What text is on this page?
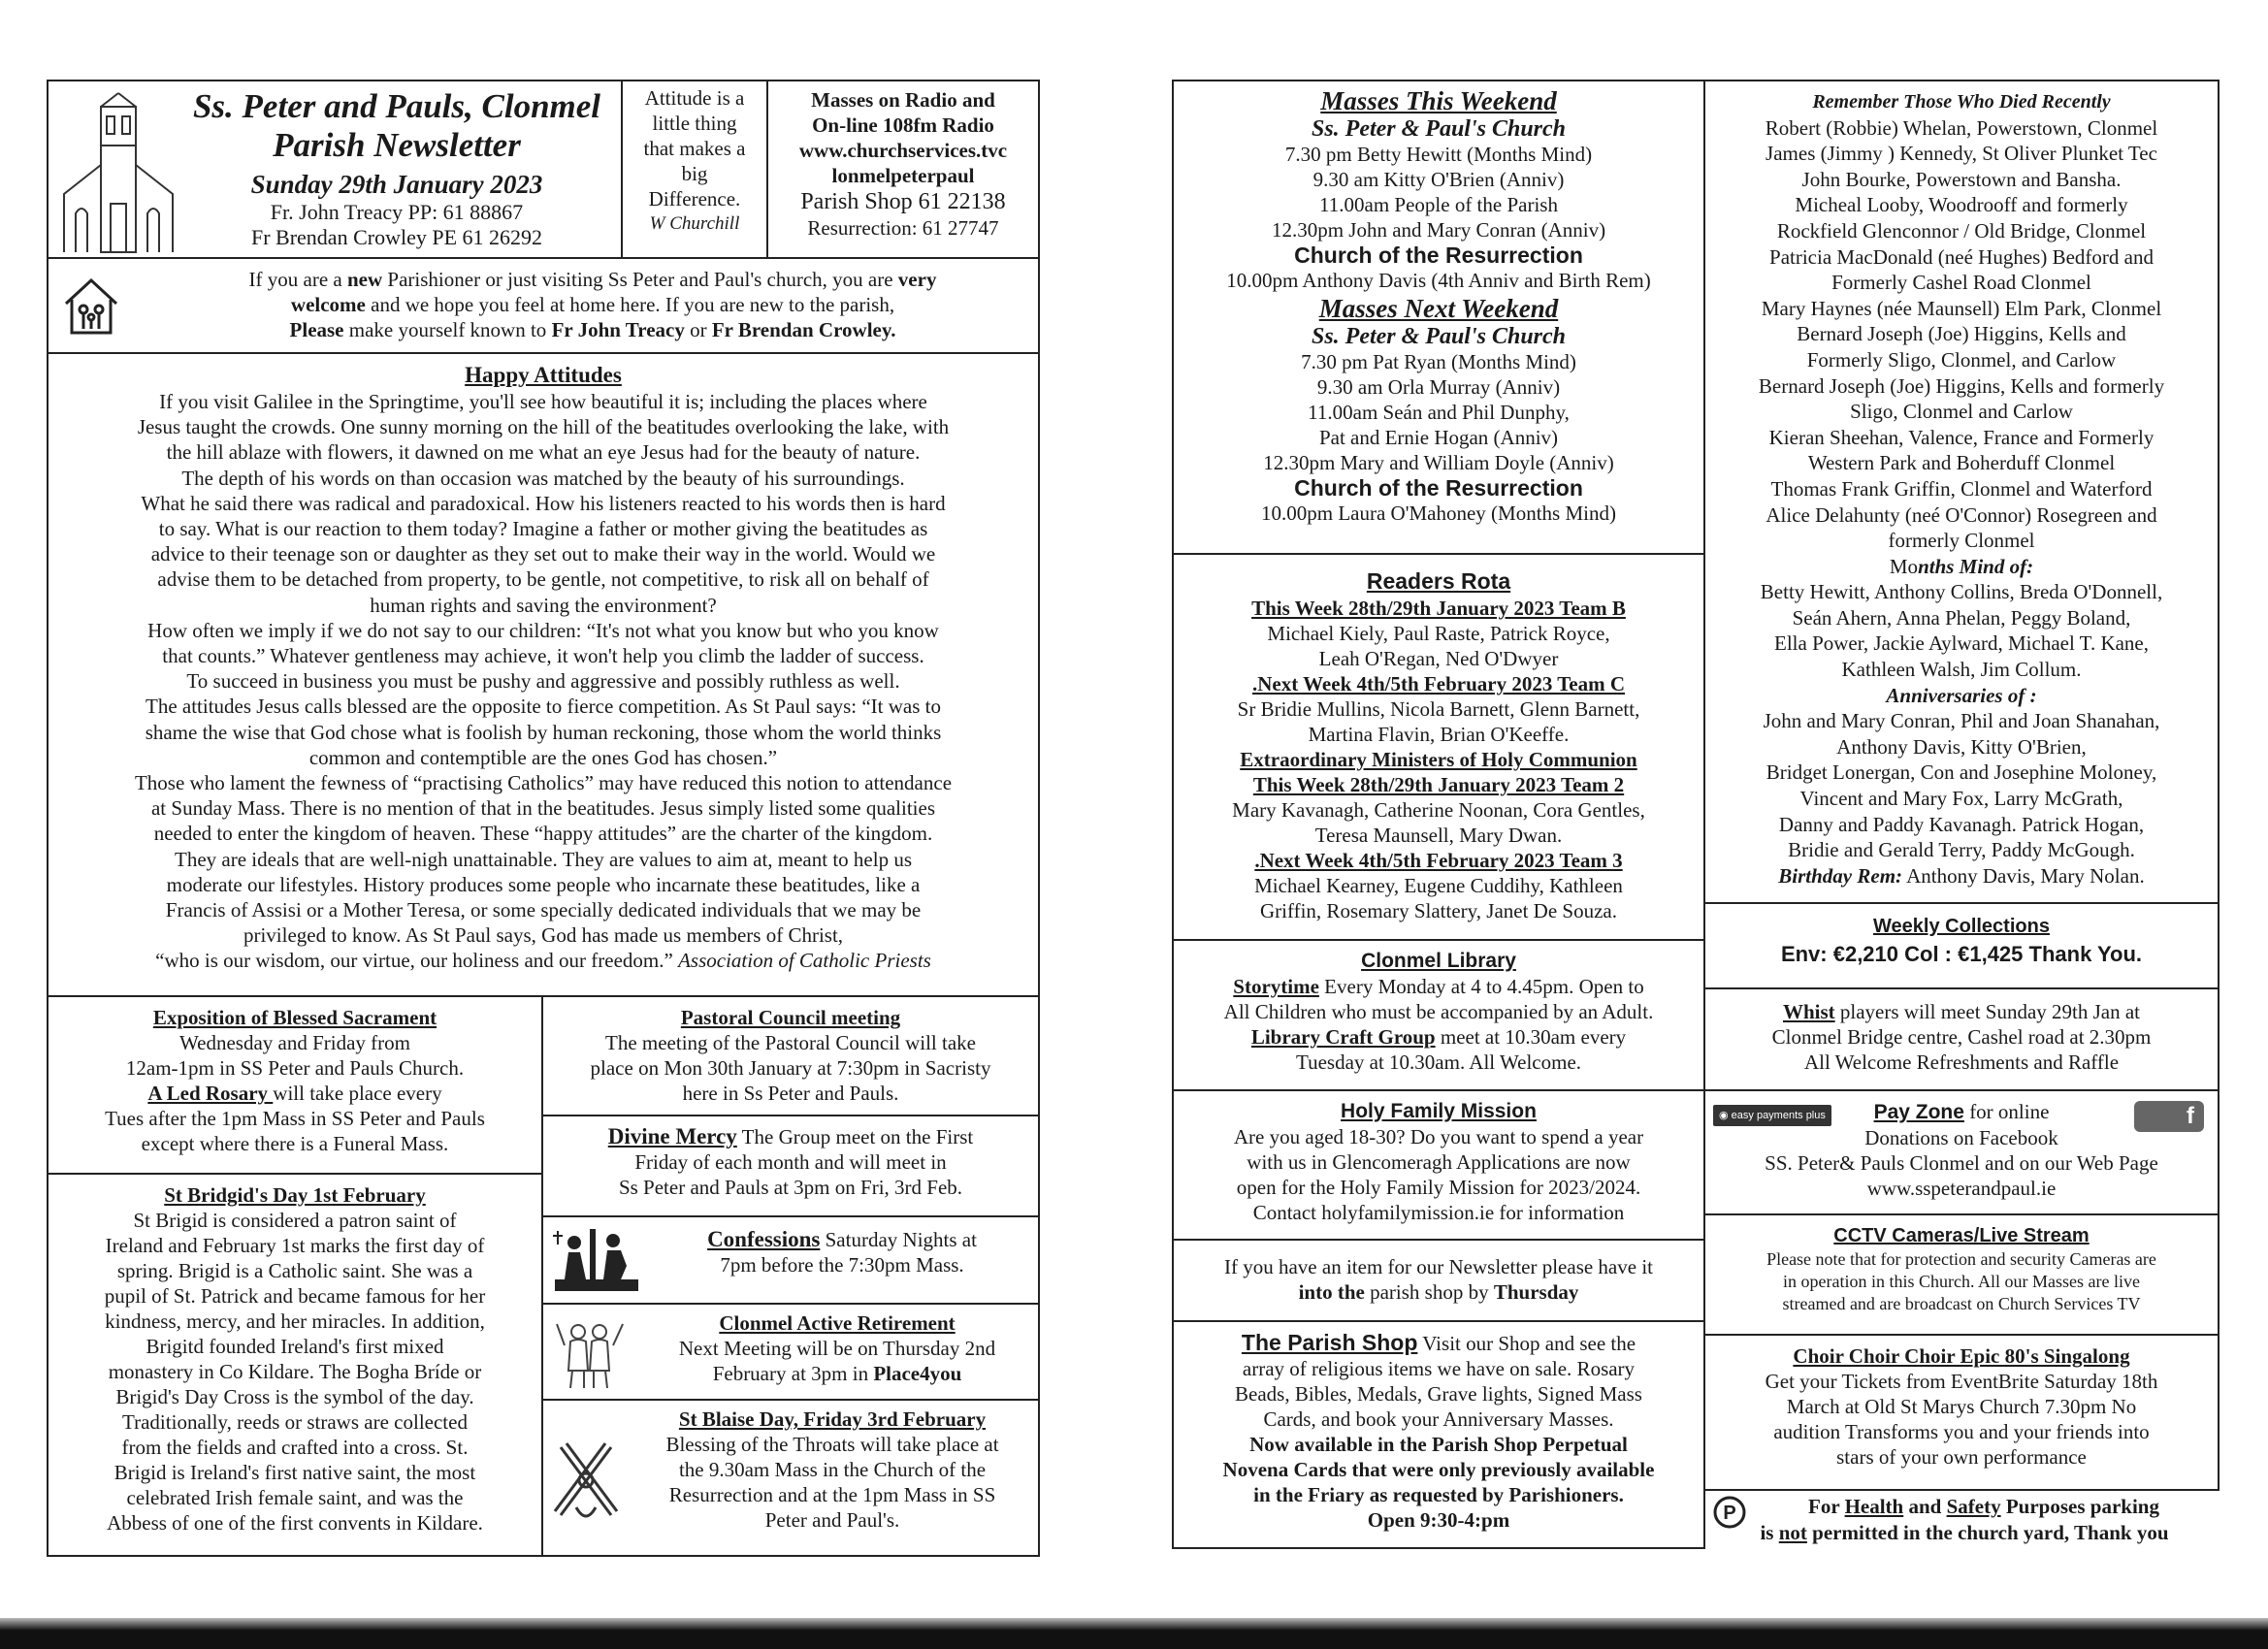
Ss. Peter and Pauls, Clonmel
Parish Newsletter
Sunday 29th January 2023
Fr. John Treacy PP: 61 88867
Fr Brendan Crowley PE 61 26292
Attitude is a
little thing
that makes a
big
Difference.
W Churchill
Masses on Radio and
On-line 108fm Radio
www.churchservices.tvc
lonmelpeterpaul
Parish Shop 61 22138
Resurrection: 61 27747
If you are a new Parishioner or just visiting Ss Peter and Paul's church, you are very
welcome and we hope you feel at home here. If you are new to the parish,
Please make yourself known to Fr John Treacy or Fr Brendan Crowley.
Happy Attitudes
If you visit Galilee in the Springtime, you'll see how beautiful it is; including the places where
Jesus taught the crowds. One sunny morning on the hill of the beatitudes overlooking the lake, with
the hill ablaze with flowers, it dawned on me what an eye Jesus had for the beauty of nature.
The depth of his words on than occasion was matched by the beauty of his surroundings.
What he said there was radical and paradoxical. How his listeners reacted to his words then is hard
to say. What is our reaction to them today? Imagine a father or mother giving the beatitudes as
advice to their teenage son or daughter as they set out to make their way in the world. Would we
advise them to be detached from property, to be gentle, not competitive, to risk all on behalf of
human rights and saving the environment?
How often we imply if we do not say to our children: “It's not what you know but who you know
that counts.” Whatever gentleness may achieve, it won't help you climb the ladder of success.
To succeed in business you must be pushy and aggressive and possibly ruthless as well.
The attitudes Jesus calls blessed are the opposite to fierce competition. As St Paul says: “It was to
shame the wise that God chose what is foolish by human reckoning, those whom the world thinks
common and contemptible are the ones God has chosen.”
Those who lament the fewness of “practising Catholics” may have reduced this notion to attendance
at Sunday Mass. There is no mention of that in the beatitudes. Jesus simply listed some qualities
needed to enter the kingdom of heaven. These “happy attitudes” are the charter of the kingdom.
They are ideals that are well-nigh unattainable. They are values to aim at, meant to help us
moderate our lifestyles. History produces some people who incarnate these beatitudes, like a
Francis of Assisi or a Mother Teresa, or some specially dedicated individuals that we may be
privileged to know. As St Paul says, God has made us members of Christ,
“who is our wisdom, our virtue, our holiness and our freedom.” Association of Catholic Priests
Exposition of Blessed Sacrament
Wednesday and Friday from
12am-1pm in SS Peter and Pauls Church.
A Led Rosary will take place every
Tues after the 1pm Mass in SS Peter and Pauls
except where there is a Funeral Mass.
Pastoral Council meeting
The meeting of the Pastoral Council will take
place on Mon 30th January at 7:30pm in Sacristy
here in Ss Peter and Pauls.
Divine Mercy The Group meet on the First
Friday of each month and will meet in
Ss Peter and Pauls at 3pm on Fri, 3rd Feb.
St Bridgid's Day 1st February
St Brigid is considered a patron saint of
Ireland and February 1st marks the first day of
spring. Brigid is a Catholic saint. She was a
pupil of St. Patrick and became famous for her
kindness, mercy, and her miracles. In addition,
Brigitd founded Ireland's first mixed
monastery in Co Kildare. The Bogha Bríde or
Brigid's Day Cross is the symbol of the day.
Traditionally, reeds or straws are collected
from the fields and crafted into a cross. St.
Brigid is Ireland's first native saint, the most
celebrated Irish female saint, and was the
Abbess of one of the first convents in Kildare.
Confessions Saturday Nights at
7pm before the 7:30pm Mass.
Clonmel Active Retirement
Next Meeting will be on Thursday 2nd
February at 3pm in Place4you
St Blaise Day, Friday 3rd February
Blessing of the Throats will take place at
the 9.30am Mass in the Church of the
Resurrection and at the 1pm Mass in SS
Peter and Paul's.
Masses This Weekend
Ss. Peter & Paul's Church
7.30 pm Betty Hewitt (Months Mind)
9.30 am Kitty O'Brien (Anniv)
11.00am People of the Parish
12.30pm John and Mary Conran (Anniv)
Church of the Resurrection
10.00pm Anthony Davis (4th Anniv and Birth Rem)
Masses Next Weekend
Ss. Peter & Paul's Church
7.30 pm Pat Ryan (Months Mind)
9.30 am Orla Murray (Anniv)
11.00am Seán and Phil Dunphy,
Pat and Ernie Hogan (Anniv)
12.30pm Mary and William Doyle (Anniv)
Church of the Resurrection
10.00pm Laura O'Mahoney (Months Mind)
Readers Rota
This Week 28th/29th January 2023 Team B
Michael Kiely, Paul Raste, Patrick Royce,
Leah O'Regan, Ned O'Dwyer
.Next Week 4th/5th February 2023 Team C
Sr Bridie Mullins, Nicola Barnett, Glenn Barnett,
Martina Flavin, Brian O'Keeffe.
Extraordinary Ministers of Holy Communion
This Week 28th/29th January 2023 Team 2
Mary Kavanagh, Catherine Noonan, Cora Gentles,
Teresa Maunsell, Mary Dwan.
.Next Week 4th/5th February 2023 Team 3
Michael Kearney, Eugene Cuddihy, Kathleen
Griffin, Rosemary Slattery, Janet De Souza.
Clonmel Library
Storytime Every Monday at 4 to 4.45pm. Open to
All Children who must be accompanied by an Adult.
Library Craft Group meet at 10.30am every
Tuesday at 10.30am. All Welcome.
Holy Family Mission
Are you aged 18-30? Do you want to spend a year
with us in Glencomeragh Applications are now
open for the Holy Family Mission for 2023/2024.
Contact holyfamilymission.ie for information
If you have an item for our Newsletter please have it
into the parish shop by Thursday
The Parish Shop Visit our Shop and see the
array of religious items we have on sale. Rosary
Beads, Bibles, Medals, Grave lights, Signed Mass
Cards, and book your Anniversary Masses.
Now available in the Parish Shop Perpetual
Novena Cards that were only previously available
in the Friary as requested by Parishioners.
Open 9:30-4:pm
Remember Those Who Died Recently
Robert (Robbie) Whelan, Powerstown, Clonmel
James (Jimmy ) Kennedy, St Oliver Plunket Tec
John Bourke, Powerstown and Bansha.
Micheal Looby, Woodrooff and formerly
Rockfield Glenconnor / Old Bridge, Clonmel
Patricia MacDonald (neé Hughes) Bedford and
Formerly Cashel Road Clonmel
Mary Haynes (née Maunsell) Elm Park, Clonmel
Bernard Joseph (Joe) Higgins, Kells and
Formerly Sligo, Clonmel, and Carlow
Bernard Joseph (Joe) Higgins, Kells and formerly
Sligo, Clonmel and Carlow
Kieran Sheehan, Valence, France and Formerly
Western Park and Boherduff Clonmel
Thomas Frank Griffin, Clonmel and Waterford
Alice Delahunty (neé O'Connor) Rosegreen and
formerly Clonmel
Months Mind of:
Betty Hewitt, Anthony Collins, Breda O'Donnell,
Seán Ahern, Anna Phelan, Peggy Boland,
Ella Power, Jackie Aylward, Michael T. Kane,
Kathleen Walsh, Jim Collum.
Anniversaries of :
John and Mary Conran, Phil and Joan Shanahan,
Anthony Davis, Kitty O'Brien,
Bridget Lonergan, Con and Josephine Moloney,
Vincent and Mary Fox, Larry McGrath,
Danny and Paddy Kavanagh. Patrick Hogan,
Bridie and Gerald Terry, Paddy McGough.
Birthday Rem: Anthony Davis, Mary Nolan.
Weekly Collections
Env: €2,210 Col : €1,425 Thank You.
Whist players will meet Sunday 29th Jan at
Clonmel Bridge centre, Cashel road at 2.30pm
All Welcome Refreshments and Raffle
◉ easy payments plus	f
Pay Zone for online
Donations on Facebook
SS. Peter& Pauls Clonmel and on our Web Page
www.sspeterandpaul.ie
CCTV Cameras/Live Stream
Please note that for protection and security Cameras are
in operation in this Church. All our Masses are live
streamed and are broadcast on Church Services TV
Choir Choir Choir Epic 80's Singalong
Get your Tickets from EventBrite Saturday 18th
March at Old St Marys Church 7.30pm No
audition Transforms you and your friends into
stars of your own performance
P	For Health and Safety Purposes parking
is not permitted in the church yard, Thank you
